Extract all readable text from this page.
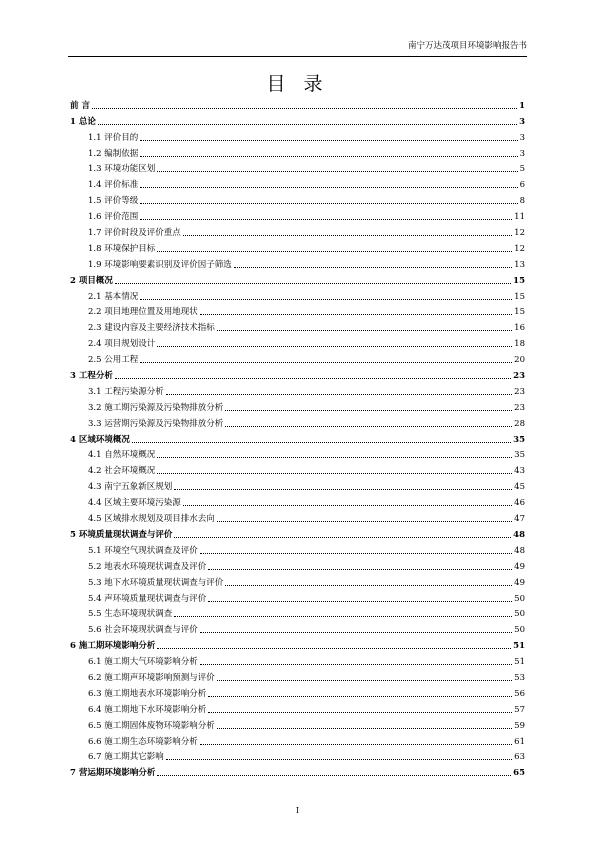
南宁万达茂项目环境影响报告书
目 录
前 言	1
1 总论	3
1.1 评价目的	3
1.2 编制依据	3
1.3 环境功能区划	5
1.4 评价标准	6
1.5 评价等级	8
1.6 评价范围	11
1.7 评价时段及评价重点	12
1.8 环境保护目标	12
1.9 环境影响要素识别及评价因子筛选	13
2 项目概况	15
2.1 基本情况	15
2.2 项目地理位置及用地现状	15
2.3 建设内容及主要经济技术指标	16
2.4 项目规划设计	18
2.5 公用工程	20
3 工程分析	23
3.1 工程污染源分析	23
3.2 施工期污染源及污染物排放分析	23
3.3 运营期污染源及污染物排放分析	28
4 区域环境概况	35
4.1 自然环境概况	35
4.2 社会环境概况	43
4.3 南宁五象新区规划	45
4.4 区域主要环境污染源	46
4.5 区域排水规划及项目排水去向	47
5 环境质量现状调查与评价	48
5.1 环境空气现状调查及评价	48
5.2 地表水环境现状调查及评价	49
5.3 地下水环境质量现状调查与评价	49
5.4 声环境质量现状调查与评价	50
5.5 生态环境现状调查	50
5.6 社会环境现状调查与评价	50
6 施工期环境影响分析	51
6.1 施工期大气环境影响分析	51
6.2 施工期声环境影响预测与评价	53
6.3 施工期地表水环境影响分析	56
6.4 施工期地下水环境影响分析	57
6.5 施工期固体废物环境影响分析	59
6.6 施工期生态环境影响分析	61
6.7 施工期其它影响	63
7 营运期环境影响分析	65
I
